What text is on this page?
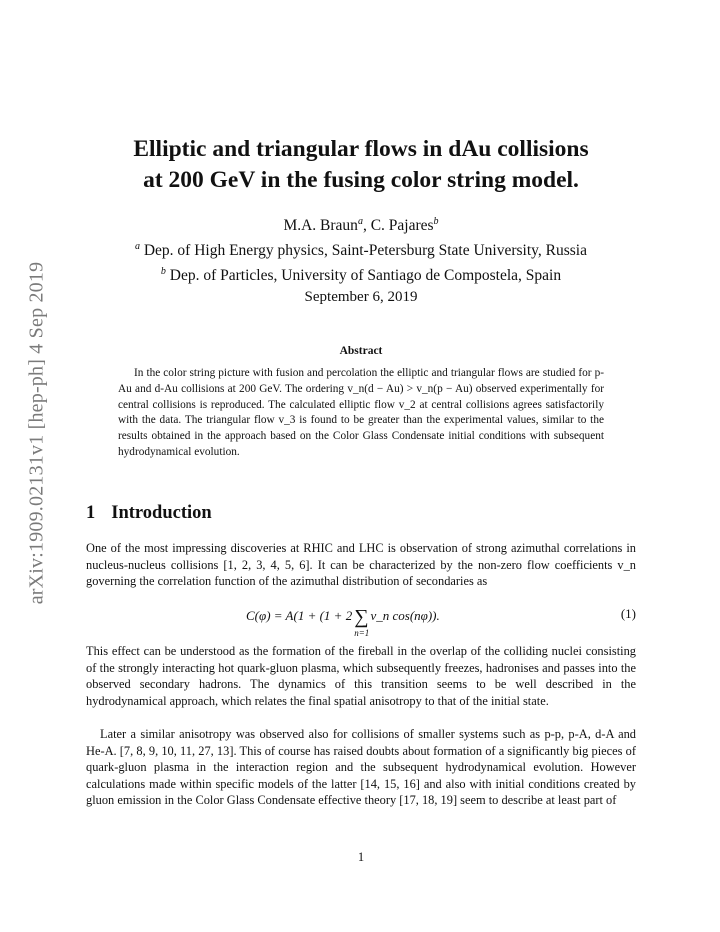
arXiv:1909.02131v1 [hep-ph] 4 Sep 2019
Elliptic and triangular flows in dAu collisions
at 200 GeV in the fusing color string model.
M.A. Braun$^a$, C. Pajares$^b$
$^a$ Dep. of High Energy physics, Saint-Petersburg State University, Russia
$^b$ Dep. of Particles, University of Santiago de Compostela, Spain
September 6, 2019
Abstract
In the color string picture with fusion and percolation the elliptic and triangular flows are studied for p-Au and d-Au collisions at 200 GeV. The ordering v_n(d − Au) > v_n(p − Au) observed experimentally for central collisions is reproduced. The calculated elliptic flow v_2 at central collisions agrees satisfactorily with the data. The triangular flow v_3 is found to be greater than the experimental values, similar to the results obtained in the approach based on the Color Glass Condensate initial conditions with subsequent hydrodynamical evolution.
1 Introduction
One of the most impressing discoveries at RHIC and LHC is observation of strong azimuthal correlations in nucleus-nucleus collisions [1, 2, 3, 4, 5, 6]. It can be characterized by the non-zero flow coefficients v_n governing the correlation function of the azimuthal distribution of secondaries as
C(φ) = A(1 + (1 + 2 ∑
n=1
v_n cos(nφ)).	(1)
This effect can be understood as the formation of the fireball in the overlap of the colliding nuclei consisting of the strongly interacting hot quark-gluon plasma, which subsequently freezes, hadronises and passes into the observed secondary hadrons. The dynamics of this transition seems to be well described in the hydrodynamical approach, which relates the final spatial anisotropy to that of the initial state.
Later a similar anisotropy was observed also for collisions of smaller systems such as p-p, p-A, d-A and He-A. [7, 8, 9, 10, 11, 27, 13]. This of course has raised doubts about formation of a significantly big pieces of quark-gluon plasma in the interaction region and the subsequent hydrodynamical evolution. However calculations made within specific models of the latter [14, 15, 16] and also with initial conditions created by gluon emission in the Color Glass Condensate effective theory [17, 18, 19] seem to describe at least part of
1
